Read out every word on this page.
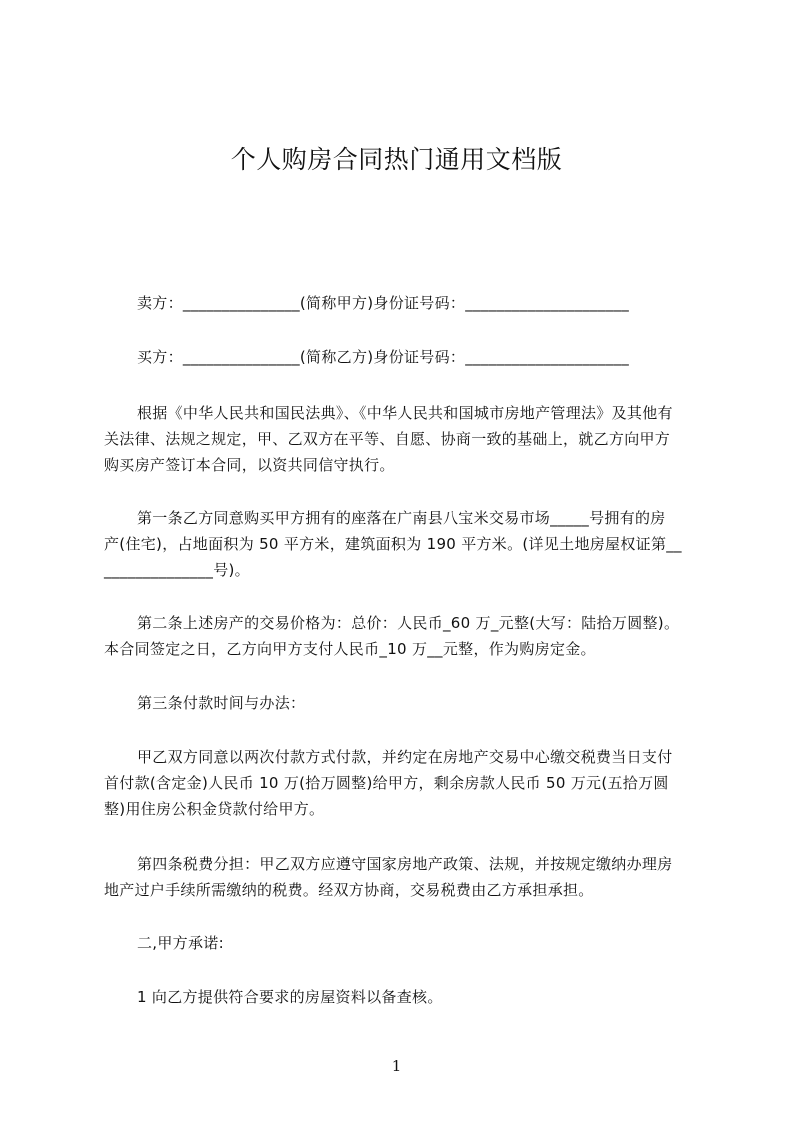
个人购房合同热门通用文档版
卖方：_______________(简称甲方)身份证号码：_____________________
买方：_______________(简称乙方)身份证号码：_____________________
根据《中华人民共和国民法典》、《中华人民共和国城市房地产管理法》及其他有
关法律、法规之规定，甲、乙双方在平等、自愿、协商一致的基础上，就乙方向甲方
购买房产签订本合同，以资共同信守执行。
第一条乙方同意购买甲方拥有的座落在广南县八宝米交易市场_____号拥有的房
产(住宅)，占地面积为 50 平方米，建筑面积为 190 平方米。(详见土地房屋权证第__
______________号)。
第二条上述房产的交易价格为：总价：人民币_60 万_元整(大写：陆拾万圆整)。
本合同签定之日，乙方向甲方支付人民币_10 万__元整，作为购房定金。
第三条付款时间与办法：
甲乙双方同意以两次付款方式付款，并约定在房地产交易中心缴交税费当日支付
首付款(含定金)人民币 10 万(拾万圆整)给甲方，剩余房款人民币 50 万元(五拾万圆
整)用住房公积金贷款付给甲方。
第四条税费分担：甲乙双方应遵守国家房地产政策、法规，并按规定缴纳办理房
地产过户手续所需缴纳的税费。经双方协商，交易税费由乙方承担承担。
二,甲方承诺:
1 向乙方提供符合要求的房屋资料以备查核。
1
